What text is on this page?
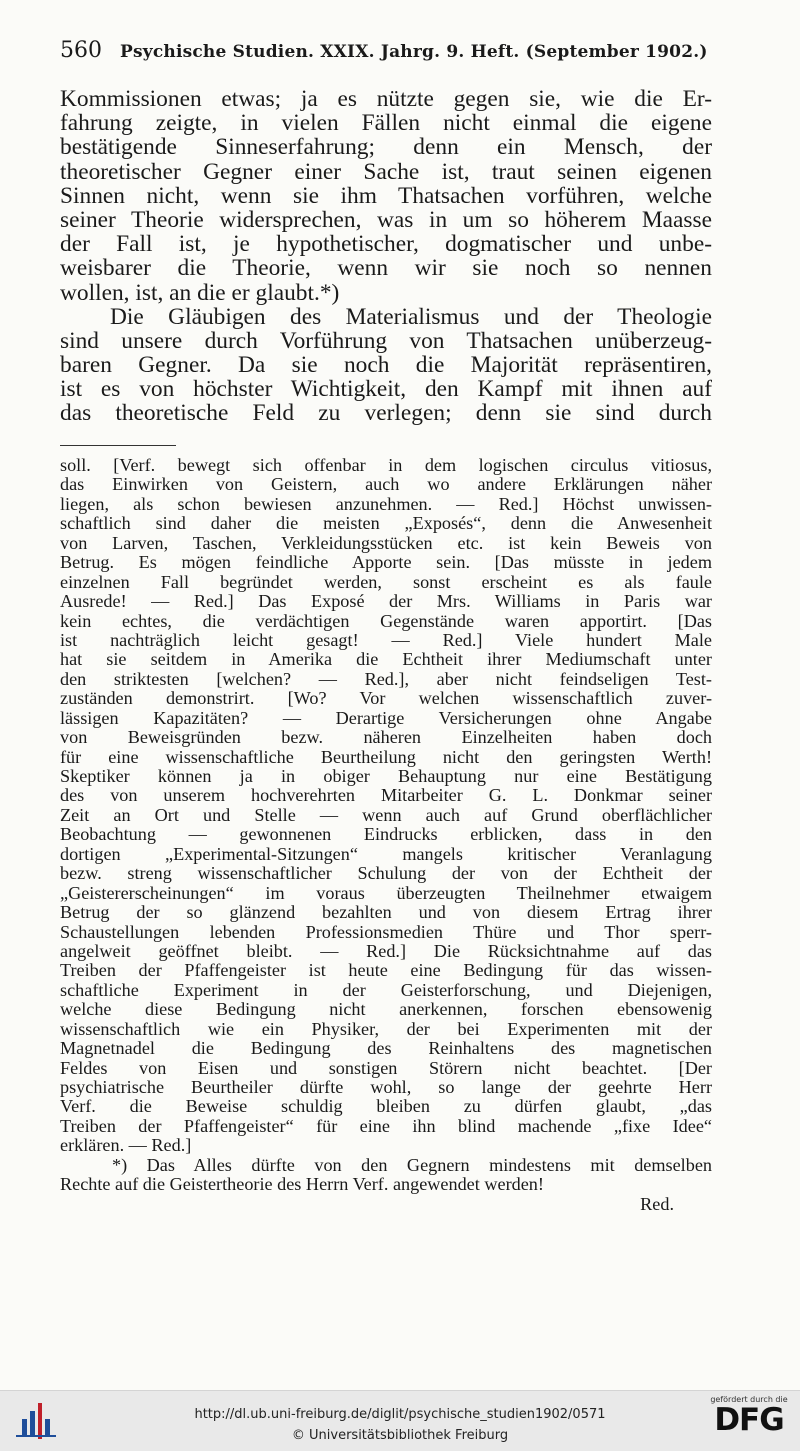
560 Psychische Studien. XXIX. Jahrg. 9. Heft. (September 1902.)
Kommissionen etwas; ja es nützte gegen sie, wie die Er-
fahrung zeigte, in vielen Fällen nicht einmal die eigene
bestätigende Sinneserfahrung; denn ein Mensch, der
theoretischer Gegner einer Sache ist, traut seinen eigenen
Sinnen nicht, wenn sie ihm Thatsachen vorführen, welche
seiner Theorie widersprechen, was in um so höherem Maasse
der Fall ist, je hypothetischer, dogmatischer und unbe-
weisbarer die Theorie, wenn wir sie noch so nennen
wollen, ist, an die er glaubt.*)
Die Gläubigen des Materialismus und der Theologie
sind unsere durch Vorführung von Thatsachen unüberzeug-
baren Gegner. Da sie noch die Majorität repräsentiren,
ist es von höchster Wichtigkeit, den Kampf mit ihnen auf
das theoretische Feld zu verlegen; denn sie sind durch
soll. [Verf. bewegt sich offenbar in dem logischen circulus vitiosus,
das Einwirken von Geistern, auch wo andere Erklärungen näher
liegen, als schon bewiesen anzunehmen. — Red.] Höchst unwissen-
schaftlich sind daher die meisten „Exposés“, denn die Anwesenheit
von Larven, Taschen, Verkleidungsstücken etc. ist kein Beweis von
Betrug. Es mögen feindliche Apporte sein. [Das müsste in jedem
einzelnen Fall begründet werden, sonst erscheint es als faule
Ausrede! — Red.] Das Exposé der Mrs. Williams in Paris war
kein echtes, die verdächtigen Gegenstände waren apportirt. [Das
ist nachträglich leicht gesagt! — Red.] Viele hundert Male
hat sie seitdem in Amerika die Echtheit ihrer Mediumschaft unter
den striktesten [welchen? — Red.], aber nicht feindseligen Test-
zuständen demonstrirt. [Wo? Vor welchen wissenschaftlich zuver-
lässigen Kapazitäten? — Derartige Versicherungen ohne Angabe
von Beweisgründen bezw. näheren Einzelheiten haben doch
für eine wissenschaftliche Beurtheilung nicht den geringsten Werth!
Skeptiker können ja in obiger Behauptung nur eine Bestätigung
des von unserem hochverehrten Mitarbeiter G. L. Donkmar seiner
Zeit an Ort und Stelle — wenn auch auf Grund oberflächlicher
Beobachtung — gewonnenen Eindrucks erblicken, dass in den
dortigen „Experimental-Sitzungen“ mangels kritischer Veranlagung
bezw. streng wissenschaftlicher Schulung der von der Echtheit der
„Geistererscheinungen“ im voraus überzeugten Theilnehmer etwaigem
Betrug der so glänzend bezahlten und von diesem Ertrag ihrer
Schaustellungen lebenden Professionsmedien Thüre und Thor sperr-
angelweit geöffnet bleibt. — Red.] Die Rücksichtnahme auf das
Treiben der Pfaffengeister ist heute eine Bedingung für das wissen-
schaftliche Experiment in der Geisterforschung, und Diejenigen,
welche diese Bedingung nicht anerkennen, forschen ebensowenig
wissenschaftlich wie ein Physiker, der bei Experimenten mit der
Magnetnadel die Bedingung des Reinhaltens des magnetischen
Feldes von Eisen und sonstigen Störern nicht beachtet. [Der
psychiatrische Beurtheiler dürfte wohl, so lange der geehrte Herr
Verf. die Beweise schuldig bleiben zu dürfen glaubt, „das
Treiben der Pfaffengeister“ für eine ihn blind machende „fixe Idee“
erklären. — Red.]
*) Das Alles dürfte von den Gegnern mindestens mit demselben
Rechte auf die Geistertheorie des Herrn Verf. angewendet werden!
Red.
http://dl.ub.uni-freiburg.de/diglit/psychische_studien1902/0571
© Universitätsbibliothek Freiburg
gefördert durch die
DFG
